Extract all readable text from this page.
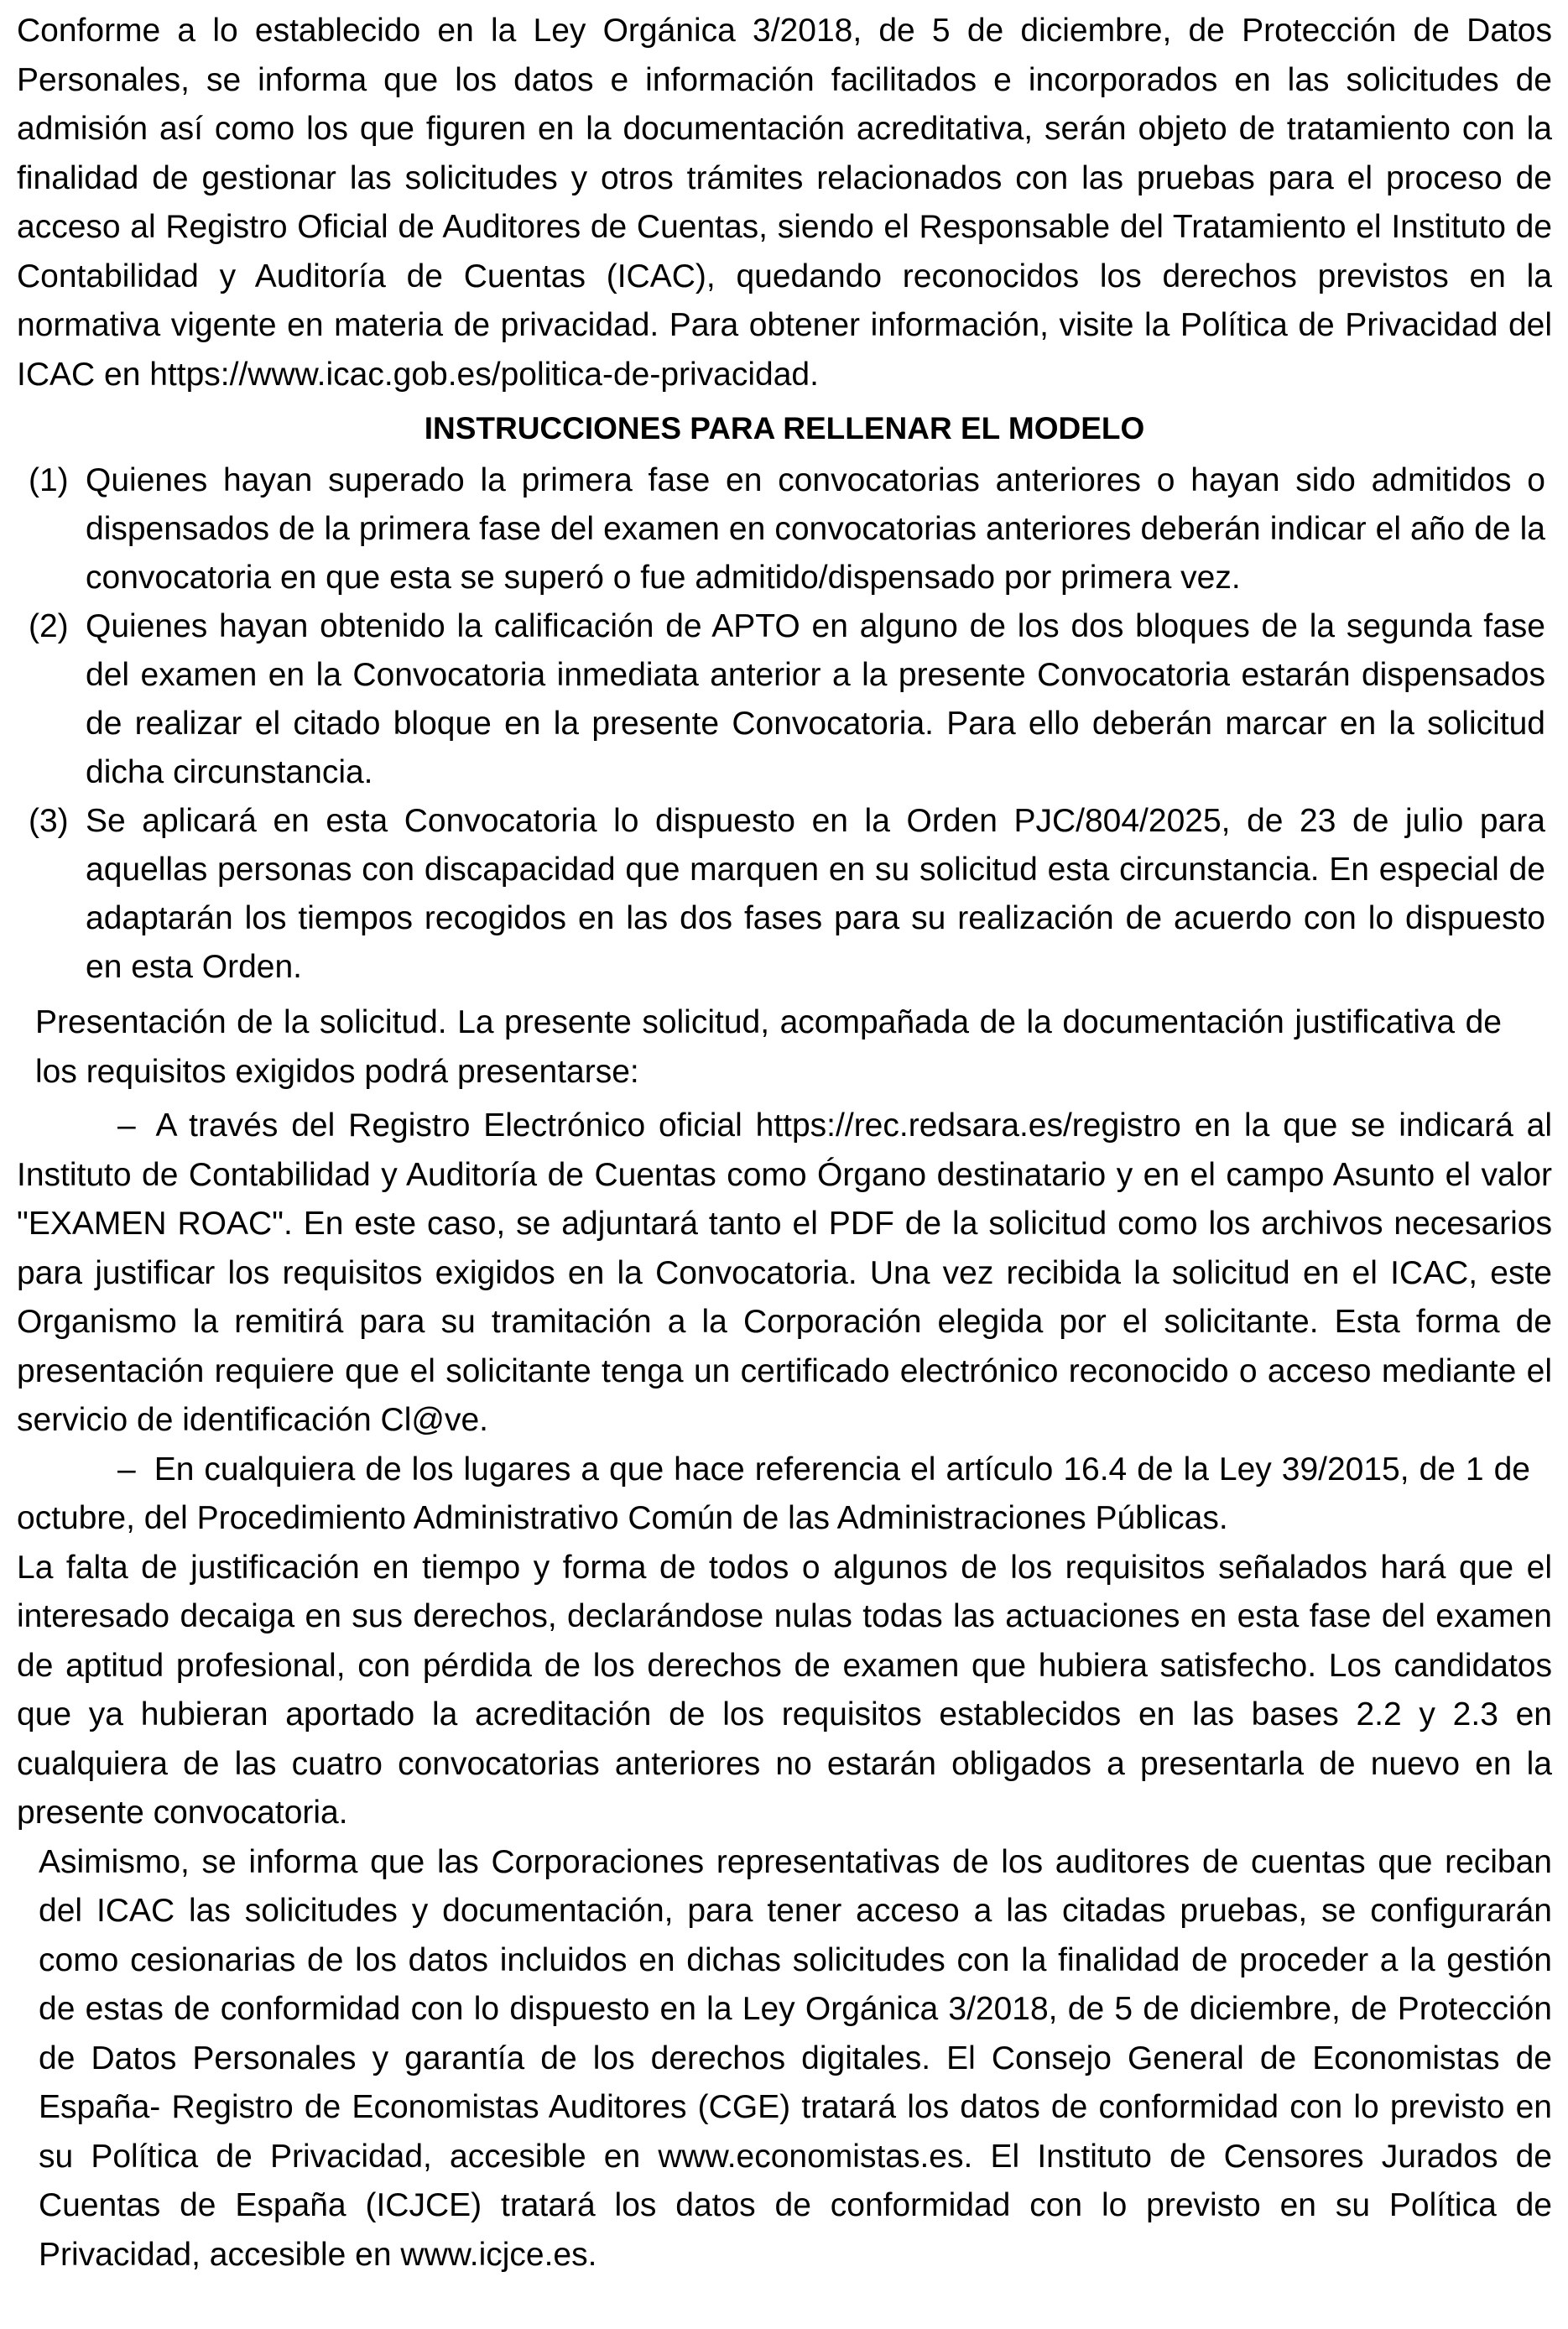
Conforme a lo establecido en la Ley Orgánica 3/2018, de 5 de diciembre, de Protección de Datos Personales, se informa que los datos e información facilitados e incorporados en las solicitudes de admisión así como los que figuren en la documentación acreditativa, serán objeto de tratamiento con la finalidad de gestionar las solicitudes y otros trámites relacionados con las pruebas para el proceso de acceso al Registro Oficial de Auditores de Cuentas, siendo el Responsable del Tratamiento el Instituto de Contabilidad y Auditoría de Cuentas (ICAC), quedando reconocidos los derechos previstos en la normativa vigente en materia de privacidad. Para obtener información, visite la Política de Privacidad del ICAC en https://www.icac.gob.es/politica-de-privacidad.

INSTRUCCIONES PARA RELLENAR EL MODELO

(1) Quienes hayan superado la primera fase en convocatorias anteriores o hayan sido admitidos o dispensados de la primera fase del examen en convocatorias anteriores deberán indicar el año de la convocatoria en que esta se superó o fue admitido/dispensado por primera vez.
(2) Quienes hayan obtenido la calificación de APTO en alguno de los dos bloques de la segunda fase del examen en la Convocatoria inmediata anterior a la presente Convocatoria estarán dispensados de realizar el citado bloque en la presente Convocatoria. Para ello deberán marcar en la solicitud dicha circunstancia.
(3) Se aplicará en esta Convocatoria lo dispuesto en la Orden PJC/804/2025, de 23 de julio para aquellas personas con discapacidad que marquen en su solicitud esta circunstancia. En especial de adaptarán los tiempos recogidos en las dos fases para su realización de acuerdo con lo dispuesto en esta Orden.

Presentación de la solicitud. La presente solicitud, acompañada de la documentación justificativa de los requisitos exigidos podrá presentarse:

– A través del Registro Electrónico oficial https://rec.redsara.es/registro en la que se indicará al Instituto de Contabilidad y Auditoría de Cuentas como Órgano destinatario y en el campo Asunto el valor "EXAMEN ROAC". En este caso, se adjuntará tanto el PDF de la solicitud como los archivos necesarios para justificar los requisitos exigidos en la Convocatoria. Una vez recibida la solicitud en el ICAC, este Organismo la remitirá para su tramitación a la Corporación elegida por el solicitante. Esta forma de presentación requiere que el solicitante tenga un certificado electrónico reconocido o acceso mediante el servicio de identificación Cl@ve.

– En cualquiera de los lugares a que hace referencia el artículo 16.4 de la Ley 39/2015, de 1 de octubre, del Procedimiento Administrativo Común de las Administraciones Públicas.

La falta de justificación en tiempo y forma de todos o algunos de los requisitos señalados hará que el interesado decaiga en sus derechos, declarándose nulas todas las actuaciones en esta fase del examen de aptitud profesional, con pérdida de los derechos de examen que hubiera satisfecho. Los candidatos que ya hubieran aportado la acreditación de los requisitos establecidos en las bases 2.2 y 2.3 en cualquiera de las cuatro convocatorias anteriores no estarán obligados a presentarla de nuevo en la presente convocatoria.

Asimismo, se informa que las Corporaciones representativas de los auditores de cuentas que reciban del ICAC las solicitudes y documentación, para tener acceso a las citadas pruebas, se configurarán como cesionarias de los datos incluidos en dichas solicitudes con la finalidad de proceder a la gestión de estas de conformidad con lo dispuesto en la Ley Orgánica 3/2018, de 5 de diciembre, de Protección de Datos Personales y garantía de los derechos digitales. El Consejo General de Economistas de España- Registro de Economistas Auditores (CGE) tratará los datos de conformidad con lo previsto en su Política de Privacidad, accesible en www.economistas.es. El Instituto de Censores Jurados de Cuentas de España (ICJCE) tratará los datos de conformidad con lo previsto en su Política de Privacidad, accesible en www.icjce.es.
